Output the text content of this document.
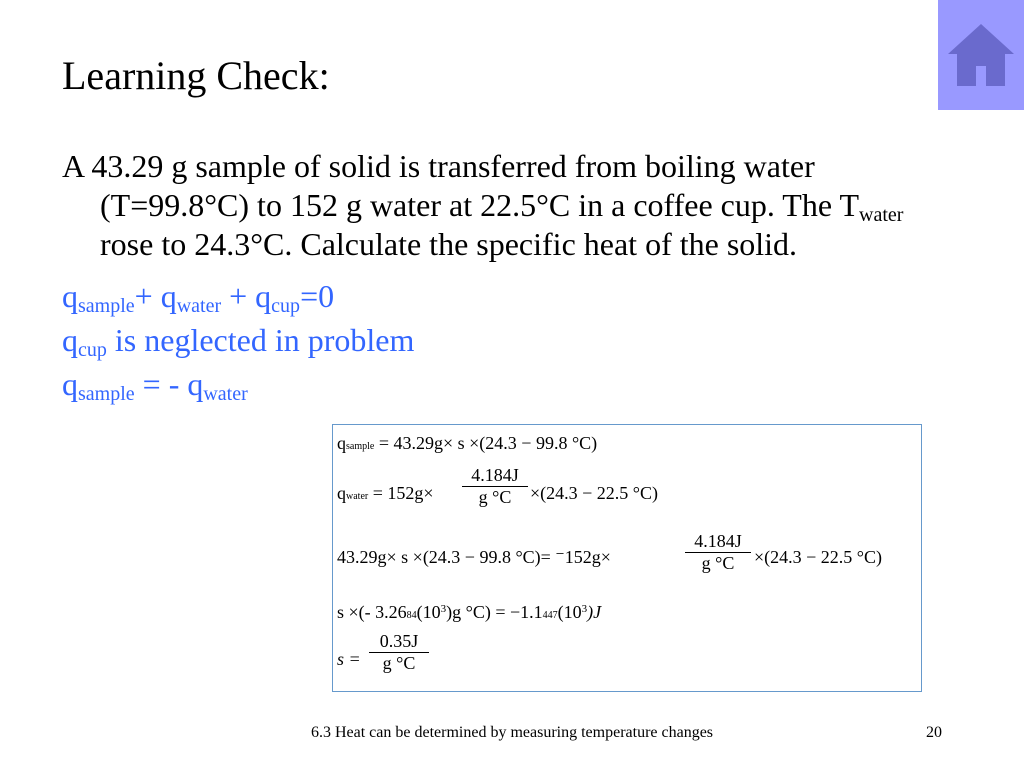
Learning Check:

A 43.29 g sample of solid is transferred from boiling water (T=99.8°C) to 152 g water at 22.5°C in a coffee cup. The $T_{water}$ rose to 24.3°C. Calculate the specific heat of the solid.

$q_{sample}+ q_{water} + q_{cup}=0$

$q_{cup}$ is neglected in problem

$q_{sample}$ = - $q_{water}$

qsample = 43.29g× s ×(24.3 − 99.8 °C)
qwater = 152g×
4.184J
g °C	×(24.3 − 22.5 °C)
43.29g× s ×(24.3 − 99.8 °C)= ⁻152g×
4.184J
g °C	×(24.3 − 22.5 °C)
s ×(- $3.2684(10^3)g$ $^\circ C) = -1.1447(10^3)J$
s =
0.35J
g °C
6.3 Heat can be determined by measuring temperature changes	20
